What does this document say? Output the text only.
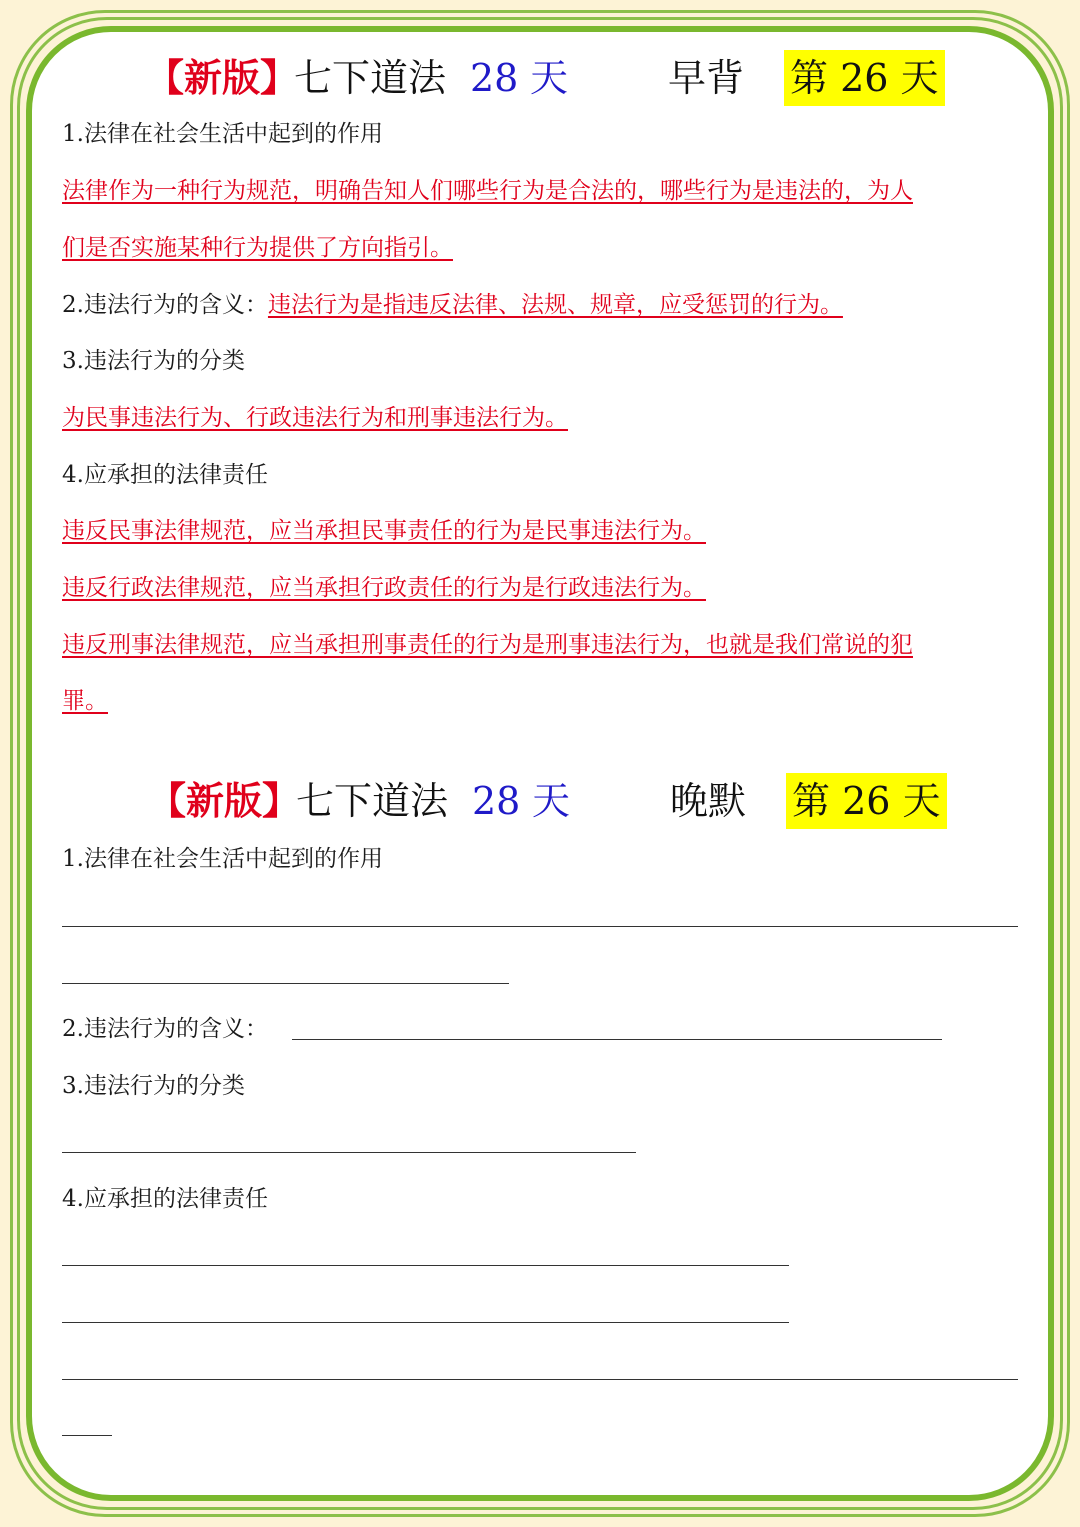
【新版】
七下道法 28 天	早背 第 26 天
1.法律在社会生活中起到的作用
法律作为一种行为规范，明确告知人们哪些行为是合法的，哪些行为是违法的，为人
们是否实施某种行为提供了方向指引。
2.违法行为的含义：违法行为是指违反法律、法规、规章，应受惩罚的行为。
3.违法行为的分类
为民事违法行为、行政违法行为和刑事违法行为。
4.应承担的法律责任
违反民事法律规范，应当承担民事责任的行为是民事违法行为。
违反行政法律规范，应当承担行政责任的行为是行政违法行为。
违反刑事法律规范，应当承担刑事责任的行为是刑事违法行为，也就是我们常说的犯
罪。
【新版】
七下道法 28 天	晚默 第 26 天
1.法律在社会生活中起到的作用
2.违法行为的含义：
3.违法行为的分类
4.应承担的法律责任
